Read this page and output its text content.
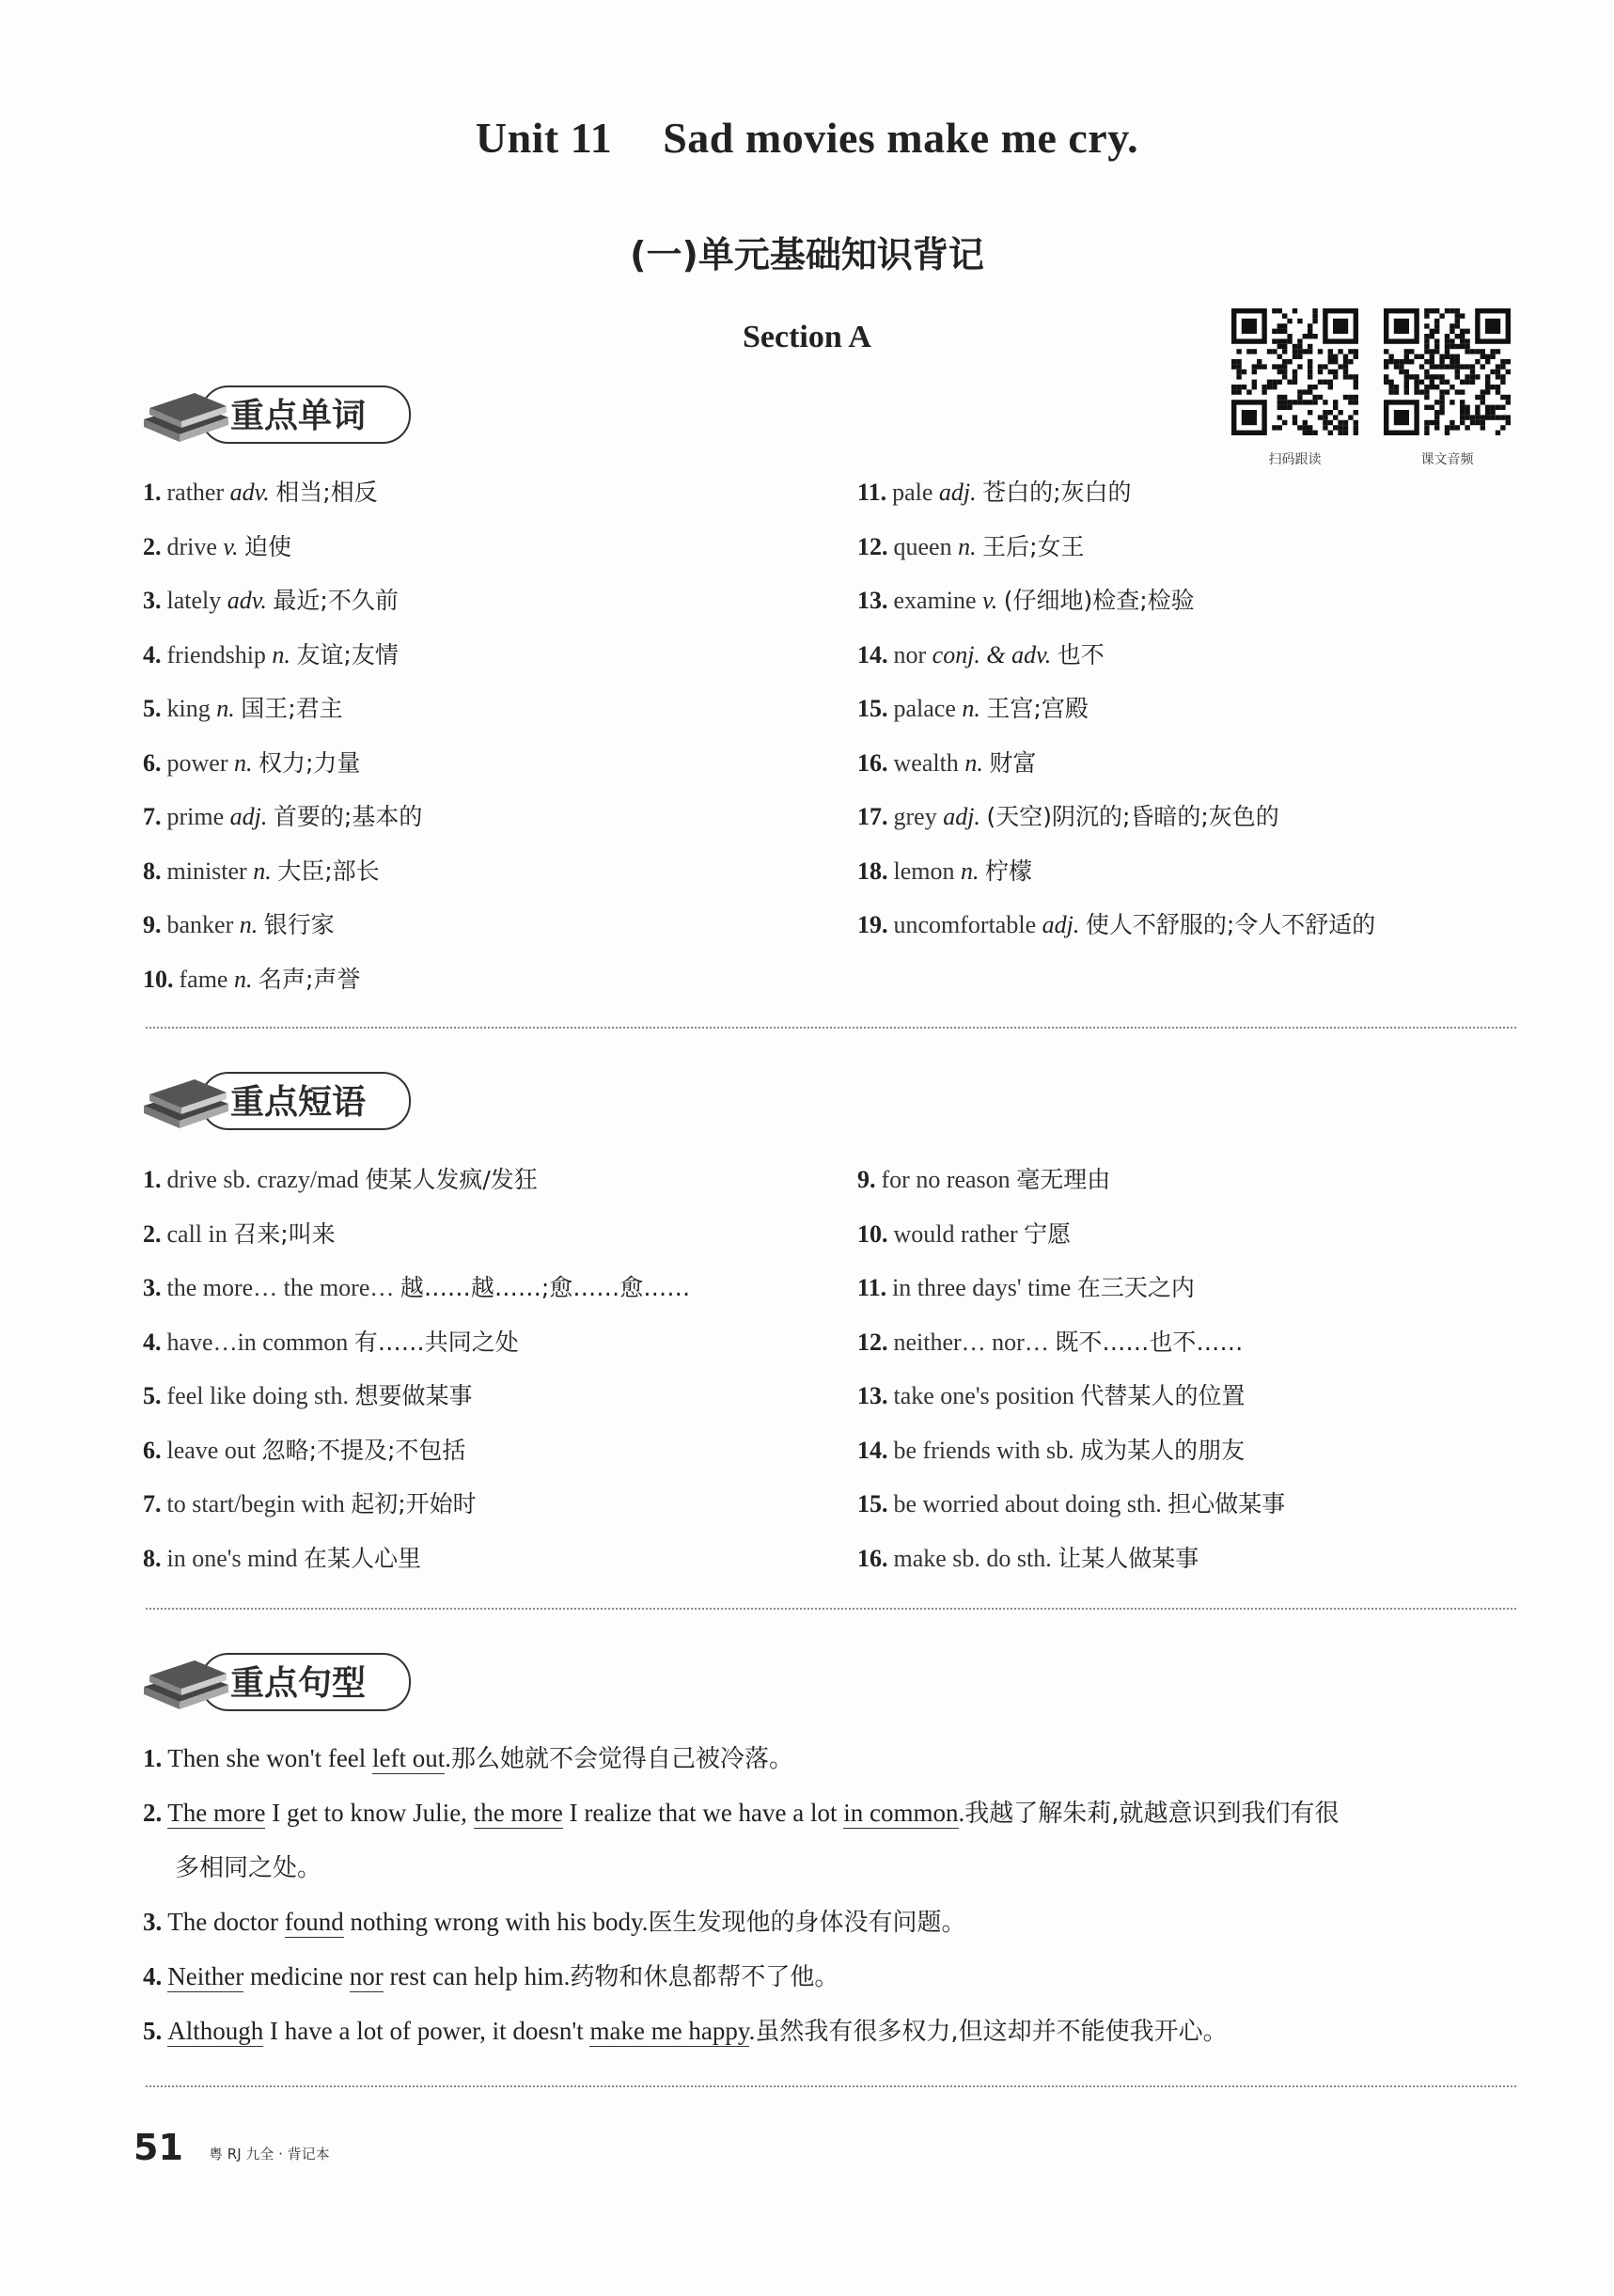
Unit 11 Sad movies make me cry.
(一)单元基础知识背记
Section A
扫码跟读	课文音频
重点单词
1. rather adv. 相当;相反
2. drive v. 迫使
3. lately adv. 最近;不久前
4. friendship n. 友谊;友情
5. king n. 国王;君主
6. power n. 权力;力量
7. prime adj. 首要的;基本的
8. minister n. 大臣;部长
9. banker n. 银行家
10. fame n. 名声;声誉
11. pale adj. 苍白的;灰白的
12. queen n. 王后;女王
13. examine v. (仔细地)检查;检验
14. nor conj. & adv. 也不
15. palace n. 王宫;宫殿
16. wealth n. 财富
17. grey adj. (天空)阴沉的;昏暗的;灰色的
18. lemon n. 柠檬
19. uncomfortable adj. 使人不舒服的;令人不舒适的
重点短语
1. drive sb. crazy/mad 使某人发疯/发狂
2. call in 召来;叫来
3. the more… the more… 越……越……;愈……愈……
4. have…in common 有……共同之处
5. feel like doing sth. 想要做某事
6. leave out 忽略;不提及;不包括
7. to start/begin with 起初;开始时
8. in one's mind 在某人心里
9. for no reason 毫无理由
10. would rather 宁愿
11. in three days' time 在三天之内
12. neither… nor… 既不……也不……
13. take one's position 代替某人的位置
14. be friends with sb. 成为某人的朋友
15. be worried about doing sth. 担心做某事
16. make sb. do sth. 让某人做某事
重点句型
1. Then she won't feel left out.那么她就不会觉得自己被冷落。
2. The more I get to know Julie, the more I realize that we have a lot in common.我越了解朱莉,就越意识到我们有很
多相同之处。
3. The doctor found nothing wrong with his body.医生发现他的身体没有问题。
4. Neither medicine nor rest can help him.药物和休息都帮不了他。
5. Although I have a lot of power, it doesn't make me happy.虽然我有很多权力,但这却并不能使我开心。
51 粤 RJ 九全 · 背记本
